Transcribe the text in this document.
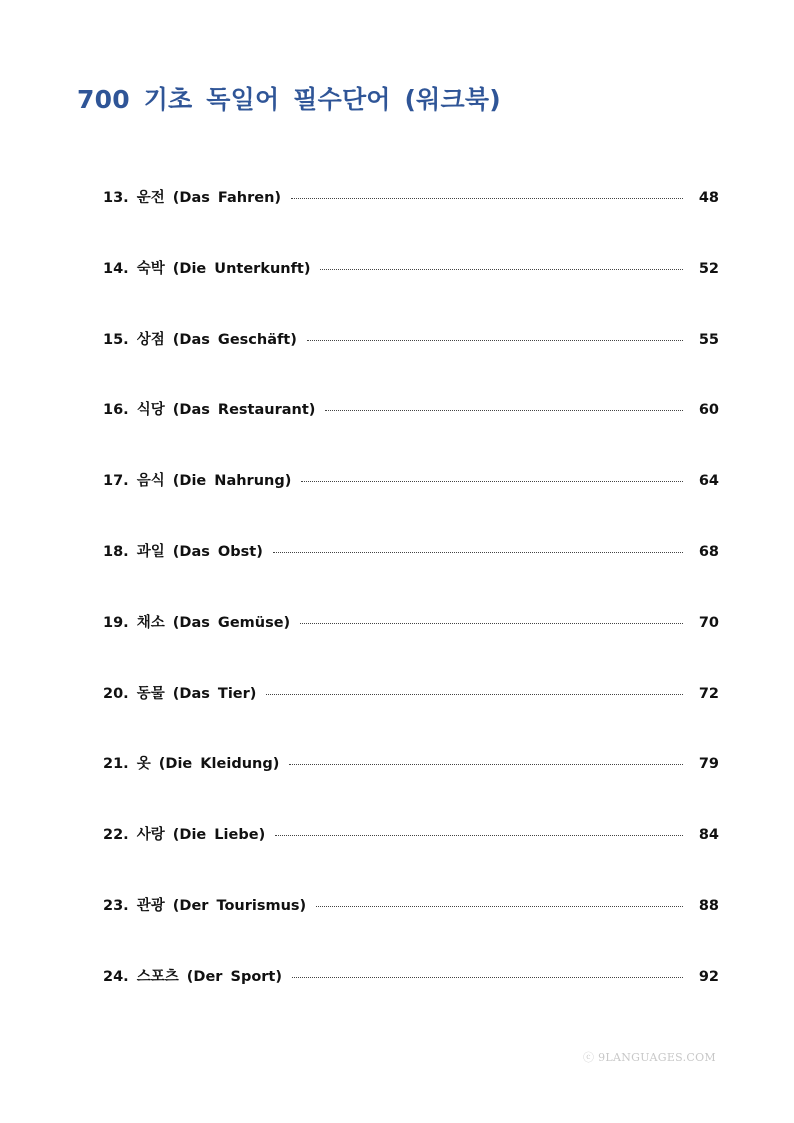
700 기초 독일어 필수단어 (워크북)
13. 운전 (Das Fahren)	48
14. 숙박 (Die Unterkunft)	52
15. 상점 (Das Geschäft)	55
16. 식당 (Das Restaurant)	60
17. 음식 (Die Nahrung)	64
18. 과일 (Das Obst)	68
19. 채소 (Das Gemüse)	70
20. 동물 (Das Tier)	72
21. 옷 (Die Kleidung)	79
22. 사랑 (Die Liebe)	84
23. 관광 (Der Tourismus)	88
24. 스포츠 (Der Sport)	92
ⓒ 9LANGUAGES.COM
